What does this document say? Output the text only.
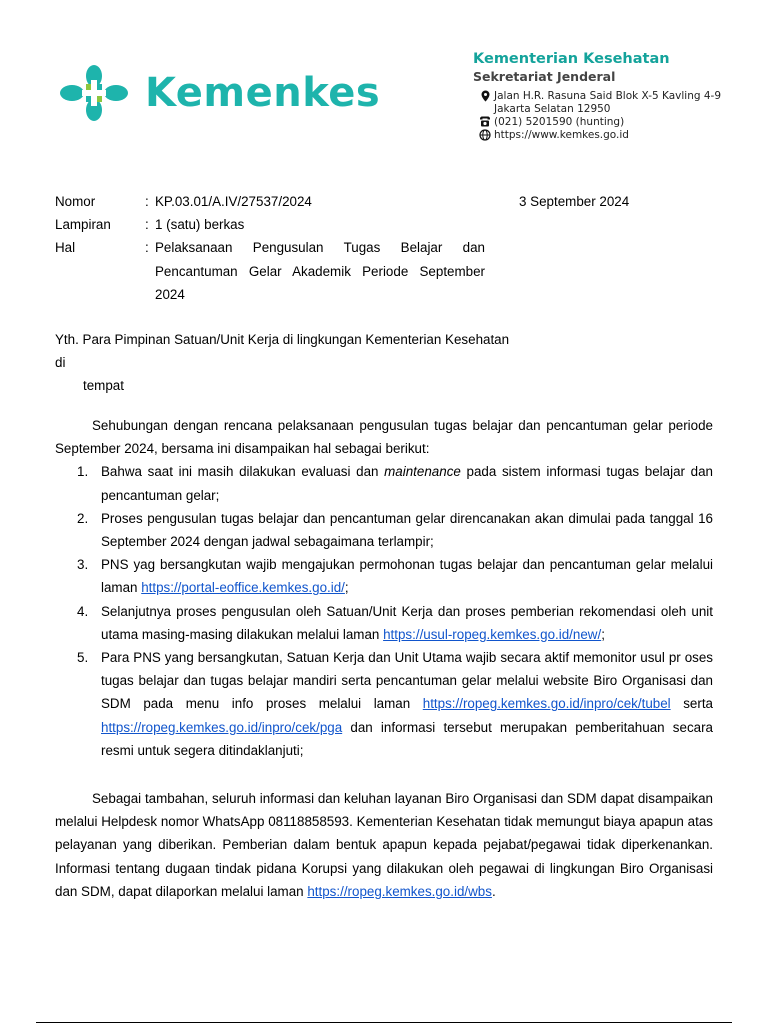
Kemenkes
Kementerian Kesehatan
Sekretariat Jenderal
Jalan H.R. Rasuna Said Blok X-5 Kavling 4-9
Jakarta Selatan 12950
(021) 5201590 (hunting)
https://www.kemkes.go.id
Nomor	: KP.03.01/A.IV/27537/2024
Lampiran	: 1 (satu) berkas
Hal	: Pelaksanaan Pengusulan Tugas Belajar dan Pencantuman Gelar Akademik Periode September 2024
3 September 2024
Yth. Para Pimpinan Satuan/Unit Kerja di lingkungan Kementerian Kesehatan
di
tempat
Sehubungan dengan rencana pelaksanaan pengusulan tugas belajar dan pencantuman gelar periode September 2024, bersama ini disampaikan hal sebagai berikut:
1. Bahwa saat ini masih dilakukan evaluasi dan maintenance pada sistem informasi tugas belajar dan pencantuman gelar;
2. Proses pengusulan tugas belajar dan pencantuman gelar direncanakan akan dimulai pada tanggal 16 September 2024 dengan jadwal sebagaimana terlampir;
3. PNS yag bersangkutan wajib mengajukan permohonan tugas belajar dan pencantuman gelar melalui laman https://portal-eoffice.kemkes.go.id/;
4. Selanjutnya proses pengusulan oleh Satuan/Unit Kerja dan proses pemberian rekomendasi oleh unit utama masing-masing dilakukan melalui laman https://usul-ropeg.kemkes.go.id/new/;
5. Para PNS yang bersangkutan, Satuan Kerja dan Unit Utama wajib secara aktif memonitor usul pr oses tugas belajar dan tugas belajar mandiri serta pencantuman gelar melalui website Biro Organisasi dan SDM pada menu info proses melalui laman https://ropeg.kemkes.go.id/inpro/cek/tubel serta https://ropeg.kemkes.go.id/inpro/cek/pga dan informasi tersebut merupakan pemberitahuan secara resmi untuk segera ditindaklanjuti;
Sebagai tambahan, seluruh informasi dan keluhan layanan Biro Organisasi dan SDM dapat disampaikan melalui Helpdesk nomor WhatsApp 08118858593. Kementerian Kesehatan tidak memungut biaya apapun atas pelayanan yang diberikan. Pemberian dalam bentuk apapun kepada pejabat/pegawai tidak diperkenankan. Informasi tentang dugaan tindak pidana Korupsi yang dilakukan oleh pegawai di lingkungan Biro Organisasi dan SDM, dapat dilaporkan melalui laman https://ropeg.kemkes.go.id/wbs.
